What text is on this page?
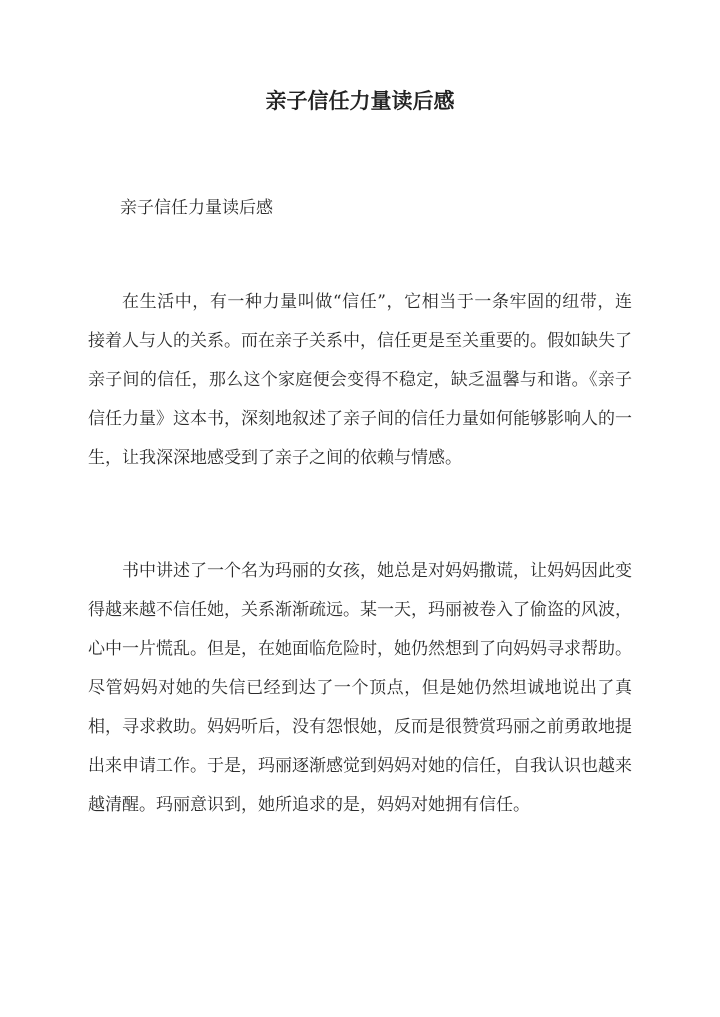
亲子信任力量读后感

亲子信任力量读后感

在生活中，有一种力量叫做“信任”，它相当于一条牢固的纽带，连接着人与人的关系。而在亲子关系中，信任更是至关重要的。假如缺失了亲子间的信任，那么这个家庭便会变得不稳定，缺乏温馨与和谐。《亲子信任力量》这本书，深刻地叙述了亲子间的信任力量如何能够影响人的一生，让我深深地感受到了亲子之间的依赖与情感。

书中讲述了一个名为玛丽的女孩，她总是对妈妈撒谎，让妈妈因此变得越来越不信任她，关系渐渐疏远。某一天，玛丽被卷入了偷盗的风波，心中一片慌乱。但是，在她面临危险时，她仍然想到了向妈妈寻求帮助。尽管妈妈对她的失信已经到达了一个顶点，但是她仍然坦诚地说出了真相，寻求救助。妈妈听后，没有怨恨她，反而是很赞赏玛丽之前勇敢地提出来申请工作。于是，玛丽逐渐感觉到妈妈对她的信任，自我认识也越来越清醒。玛丽意识到，她所追求的是，妈妈对她拥有信任。
